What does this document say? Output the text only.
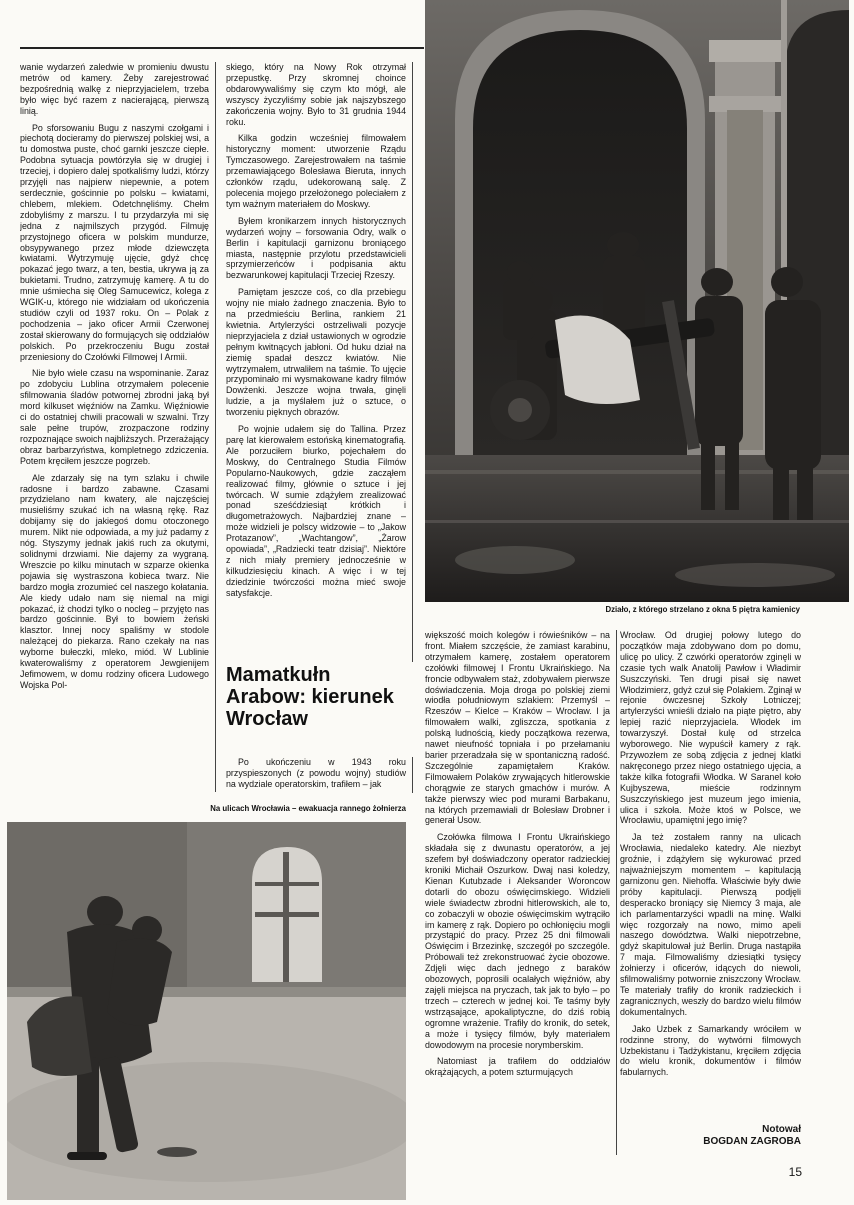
wanie wydarzeń zaledwie w promieniu dwustu metrów od kamery. Żeby zarejestrować bezpośrednią walkę z nieprzyjacielem, trzeba było więc być razem z nacierającą, pierwszą linią.

Po sforsowaniu Bugu z naszymi czołgami i piechotą docieramy do pierwszej polskiej wsi, a tu domostwa puste, choć garnki jeszcze ciepłe. Podobna sytuacja powtórzyła się w drugiej i trzeciej, i dopiero dalej spotkaliśmy ludzi, którzy przyjęli nas najpierw niepewnie, a potem serdecznie, gościnnie po polsku – kwiatami, chlebem, mlekiem. Odetchnęliśmy. Chełm zdobyliśmy z marszu. I tu przydarzyła mi się jedna z najmilszych przygód. Filmuję przystojnego oficera w polskim mundurze, obsypywanego przez młode dziewczęta kwiatami. Wytrzymuję ujęcie, gdyż chcę pokazać jego twarz, a ten, bestia, ukrywa ją za bukietami. Trudno, zatrzymuję kamerę. A tu do mnie uśmiecha się Oleg Samucewicz, kolega z WGIK-u, którego nie widziałam od ukończenia studiów czyli od 1937 roku. On – Polak z pochodzenia – jako oficer Armii Czerwonej został skierowany do formujących się oddziałów polskich. Po przekroczeniu Bugu został przeniesiony do Czołówki Filmowej I Armii.

Nie było wiele czasu na wspominanie. Zaraz po zdobyciu Lublina otrzymałem polecenie sfilmowania śladów potwornej zbrodni jaką był mord kilkuset więźniów na Zamku. Więźniowie ci do ostatniej chwili pracowali w szwalni. Trzy sale pełne trupów, zrozpaczone rodziny rozpoznające swoich najbliższych. Przerażający obraz barbarzyństwa, kompletnego zdziczenia. Potem kręciłem jeszcze pogrzeb.

Ale zdarzały się na tym szlaku i chwile radosne i bardzo zabawne. Czasami przydzielano nam kwatery, ale najczęściej musieliśmy szukać ich na własną rękę. Raz dobijamy się do jakiegoś domu otoczonego murem. Nikt nie odpowiada, a my już padamy z nóg. Styszymy jednak jakiś ruch za okutymi, solidnymi drzwiami. Nie dajemy za wygraną. Wreszcie po kilku minutach w szparze okienka pojawia się wystraszona kobieca twarz. Nie bardzo mogła zrozumieć cel naszego kołatania. Ale kiedy udało nam się niemal na migi pokazać, iż chodzi tylko o nocleg – przyjęto nas bardzo gościnnie. Był to bowiem żeński klasztor. Innej nocy spaliśmy w stodole należącej do piekarza. Rano czekały na nas wyborne bułeczki, mleko, miód. W Lublinie kwaterowaliśmy z operatorem Jewgienijem Jefimowem, w domu rodziny oficera Ludowego Wojska Pol-

skiego, który na Nowy Rok otrzymał przepustkę. Przy skromnej choince obdarowywaliśmy się czym kto mógł, ale wszyscy życzyliśmy sobie jak najszybszego zakończenia wojny. Było to 31 grudnia 1944 roku.

Kilka godzin wcześniej filmowałem historyczny moment: utworzenie Rządu Tymczasowego. Zarejestrowałem na taśmie przemawiającego Bolesława Bieruta, innych członków rządu, udekorowaną salę. Z polecenia mojego przełożonego poleciałem z tym ważnym materiałem do Moskwy.

Byłem kronikarzem innych historycznych wydarzeń wojny – forsowania Odry, walk o Berlin i kapitulacji garnizonu broniącego miasta, następnie przylotu przedstawicieli sprzymierzeńców i podpisania aktu bezwarunkowej kapitulacji Trzeciej Rzeszy.

Pamiętam jeszcze coś, co dla przebiegu wojny nie miało żadnego znaczenia. Było to na przedmieściu Berlina, rankiem 21 kwietnia. Artylerzyści ostrzeliwali pozycje nieprzyjaciela z dział ustawionych w ogrodzie pełnym kwitnących jabłoni. Od huku dział na ziemię spadał deszcz kwiatów. Nie wytrzymałem, utrwaliłem na taśmie. To ujęcie przypominało mi wysmakowane kadry filmów Dowżenki. Jeszcze wojna trwała, ginęli ludzie, a ja myślałem już o sztuce, o tworzeniu pięknych obrazów.

Po wojnie udałem się do Tallina. Przez parę lat kierowałem estońską kinematografią. Ale porzuciłem biurko, pojechałem do Moskwy, do Centralnego Studia Filmów Popularno-Naukowych, gdzie zacząłem realizować filmy, głównie o sztuce i jej twórcach. W sumie zdążyłem zrealizować ponad sześćdziesiąt krótkich i długometrażowych. Najbardziej znane – może widzieli je polscy widzowie – to „Jakow Protazanow”, „Wachtangow”, „Żarow opowiada”, „Radziecki teatr dzisiaj”. Niektóre z nich miały premiery jednocześnie w kilkudziesięciu kinach. A więc i w tej dziedzinie twórczości można mieć swoje satysfakcje.

Mamatkułn Arabow: kierunek Wrocław

Po ukończeniu w 1943 roku przyspieszonych (z powodu wojny) studiów na wydziale operatorskim, trafiłem – jak

Działo, z którego strzelano z okna 5 piętra kamienicy

większość moich kolegów i rówieśników – na front. Miałem szczęście, że zamiast karabinu, otrzymałem kamerę, zostałem operatorem czołówki filmowej I Frontu Ukraińskiego. Na froncie odbywałem staż, zdobywałem pierwsze doświadczenia. Moja droga po polskiej ziemi wiodła południowym szlakiem: Przemyśl – Rzeszów – Kielce – Kraków – Wrocław. I ja filmowałem walki, zgliszcza, spotkania z polską ludnością, kiedy początkowa rezerwa, nawet nieufność topniała i po przełamaniu barier przeradzała się w spontaniczną radość. Szczególnie zapamiętałem Kraków. Filmowałem Polaków zrywających hitlerowskie chorągwie ze starych gmachów i murów. A także pierwszy wiec pod murami Barbakanu, na których przemawiali dr Bolesław Drobner i generał Usow.

Czołówka filmowa I Frontu Ukraińskiego składała się z dwunastu operatorów, a jej szefem był doświadczony operator radzieckiej kroniki Michaił Oszurkow. Dwaj nasi koledzy, Kienan Kutubzade i Aleksander Woroncow dotarli do obozu oświęcimskiego. Widzieli wiele świadectw zbrodni hitlerowskich, ale to, co zobaczyli w obozie oświęcimskim wytrąciło im kamerę z rąk. Dopiero po ochłonięciu mogli przystąpić do pracy. Przez 25 dni filmowali Oświęcim i Brzezinkę, szczegół po szczególe. Próbowali też zrekonstruować życie obozowe. Zdjęli więc dach jednego z baraków obozowych, poprosili ocalałych więźniów, aby zajęli miejsca na pryczach, tak jak to było – po trzech – czterech w jednej koi. Te taśmy były wstrząsające, apokaliptyczne, do dziś robią ogromne wrażenie. Trafiły do kronik, do setek, a może i tysięcy filmów, były materiałem dowodowym na procesie norymberskim.

Natomiast ja trafiłem do oddziałów okrążających, a potem szturmujących

Wrocław. Od drugiej połowy lutego do początków maja zdobywano dom po domu, ulicę po ulicy. Z czwórki operatorów zginęli w czasie tych walk Anatolij Pawłow i Władimir Suszczyński. Ten drugi pisał się nawet Włodzimierz, gdyż czuł się Polakiem. Zginął w rejonie ówczesnej Szkoły Lotniczej; artylerzyści wnieśli działo na piąte piętro, aby lepiej razić nieprzyjaciela. Włodek im towarzyszył. Dostał kulę od strzelca wyborowego. Nie wypuścił kamery z rąk. Przywozłem ze sobą zdjęcia z jednej klatki nakręconego przez niego ostatniego ujęcia, a także kilka fotografii Włodka. W Saranel koło Kujbyszewa, mieście rodzinnym Suszczyńskiego jest muzeum jego imienia, ulica i szkoła. Może ktoś w Polsce, we Wrocławiu, upamiętni jego imię?

Ja też zostałem ranny na ulicach Wrocławia, niedaleko katedry. Ale niezbyt groźnie, i zdążyłem się wykurować przed najważniejszym momentem – kapitulacją garnizonu gen. Niehoffa. Właściwie były dwie próby kapitulacji. Pierwszą podjęli desperacko broniący się Niemcy 3 maja, ale ich parlamentarzyści wpadli na minę. Walki więc rozgorzały na nowo, mimo apeli naszego dowództwa. Walki niepotrzebne, gdyż skapitulował już Berlin. Druga nastąpiła 7 maja. Filmowaliśmy dziesiątki tysięcy żołnierzy i oficerów, idących do niewoli, sfilmowaliśmy potwornie zniszczony Wrocław. Te materiały trafiły do kronik radzieckich i zagranicznych, weszły do bardzo wielu filmów dokumentalnych.

Jako Uzbek z Samarkandy wróciłem w rodzinne strony, do wytwórni filmowych Uzbekistanu i Tadżykistanu, kręciłem zdjęcia do wielu kronik, dokumentów i filmów fabularnych.

Notował
BOGDAN ZAGROBA
Na ulicach Wrocławia – ewakuacja rannego żołnierza
15
